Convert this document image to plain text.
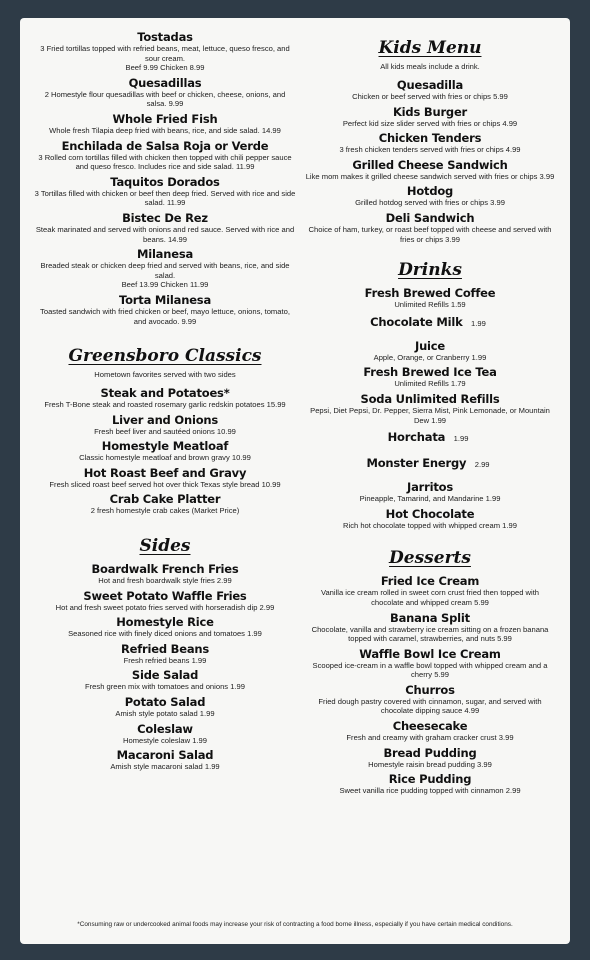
Tostadas
3 Fried tortillas topped with refried beans, meat, lettuce, queso fresco, and sour cream.
Beef 9.99 Chicken 8.99
Quesadillas
2 Homestyle flour quesadillas with beef or chicken, cheese, onions, and salsa. 9.99
Whole Fried Fish
Whole fresh Tilapia deep fried with beans, rice, and side salad. 14.99
Enchilada de Salsa Roja or Verde
3 Rolled corn tortillas filled with chicken then topped with chili pepper sauce and queso fresco. Includes rice and side salad. 11.99
Taquitos Dorados
3 Tortillas filled with chicken or beef then deep fried. Served with rice and side salad. 11.99
Bistec De Rez
Steak marinated and served with onions and red sauce. Served with rice and beans. 14.99
Milanesa
Breaded steak or chicken deep fried and served with beans, rice, and side salad.
Beef 13.99 Chicken 11.99
Torta Milanesa
Toasted sandwich with fried chicken or beef, mayo lettuce, onions, tomato, and avocado. 9.99
Greensboro Classics
Hometown favorites served with two sides
Steak and Potatoes*
Fresh T-Bone steak and roasted rosemary garlic redskin potatoes 15.99
Liver and Onions
Fresh beef liver and sautéed onions 10.99
Homestyle Meatloaf
Classic homestyle meatloaf and brown gravy 10.99
Hot Roast Beef and Gravy
Fresh sliced roast beef served hot over thick Texas style bread 10.99
Crab Cake Platter
2 fresh homestyle crab cakes (Market Price)
Sides
Boardwalk French Fries
Hot and fresh boardwalk style fries 2.99
Sweet Potato Waffle Fries
Hot and fresh sweet potato fries served with horseradish dip 2.99
Homestyle Rice
Seasoned rice with finely diced onions and tomatoes 1.99
Refried Beans
Fresh refried beans 1.99
Side Salad
Fresh green mix with tomatoes and onions 1.99
Potato Salad
Amish style potato salad 1.99
Coleslaw
Homestyle coleslaw 1.99
Macaroni Salad
Amish style macaroni salad 1.99
Kids Menu
All kids meals include a drink.
Quesadilla
Chicken or beef served with fries or chips 5.99
Kids Burger
Perfect kid size slider served with fries or chips 4.99
Chicken Tenders
3 fresh chicken tenders served with fries or chips 4.99
Grilled Cheese Sandwich
Like mom makes it grilled cheese sandwich served with fries or chips 3.99
Hotdog
Grilled hotdog served with fries or chips 3.99
Deli Sandwich
Choice of ham, turkey, or roast beef topped with cheese and served with fries or chips 3.99
Drinks
Fresh Brewed Coffee
Unlimited Refills 1.59
Chocolate Milk 1.99
Juice
Apple, Orange, or Cranberry 1.99
Fresh Brewed Ice Tea
Unlimited Refills 1.79
Soda Unlimited Refills
Pepsi, Diet Pepsi, Dr. Pepper, Sierra Mist, Pink Lemonade, or Mountain Dew 1.99
Horchata 1.99
Monster Energy 2.99
Jarritos
Pineapple, Tamarind, and Mandarine 1.99
Hot Chocolate
Rich hot chocolate topped with whipped cream 1.99
Desserts
Fried Ice Cream
Vanilla ice cream rolled in sweet corn crust fried then topped with chocolate and whipped cream 5.99
Banana Split
Chocolate, vanilla and strawberry ice cream sitting on a frozen banana topped with caramel, strawberries, and nuts 5.99
Waffle Bowl Ice Cream
Scooped ice-cream in a waffle bowl topped with whipped cream and a cherry 5.99
Churros
Fried dough pastry covered with cinnamon, sugar, and served with chocolate dipping sauce 4.99
Cheesecake
Fresh and creamy with graham cracker crust 3.99
Bread Pudding
Homestyle raisin bread pudding 3.99
Rice Pudding
Sweet vanilla rice pudding topped with cinnamon 2.99
*Consuming raw or undercooked animal foods may increase your risk of contracting a food borne illness, especially if you have certain medical conditions.
